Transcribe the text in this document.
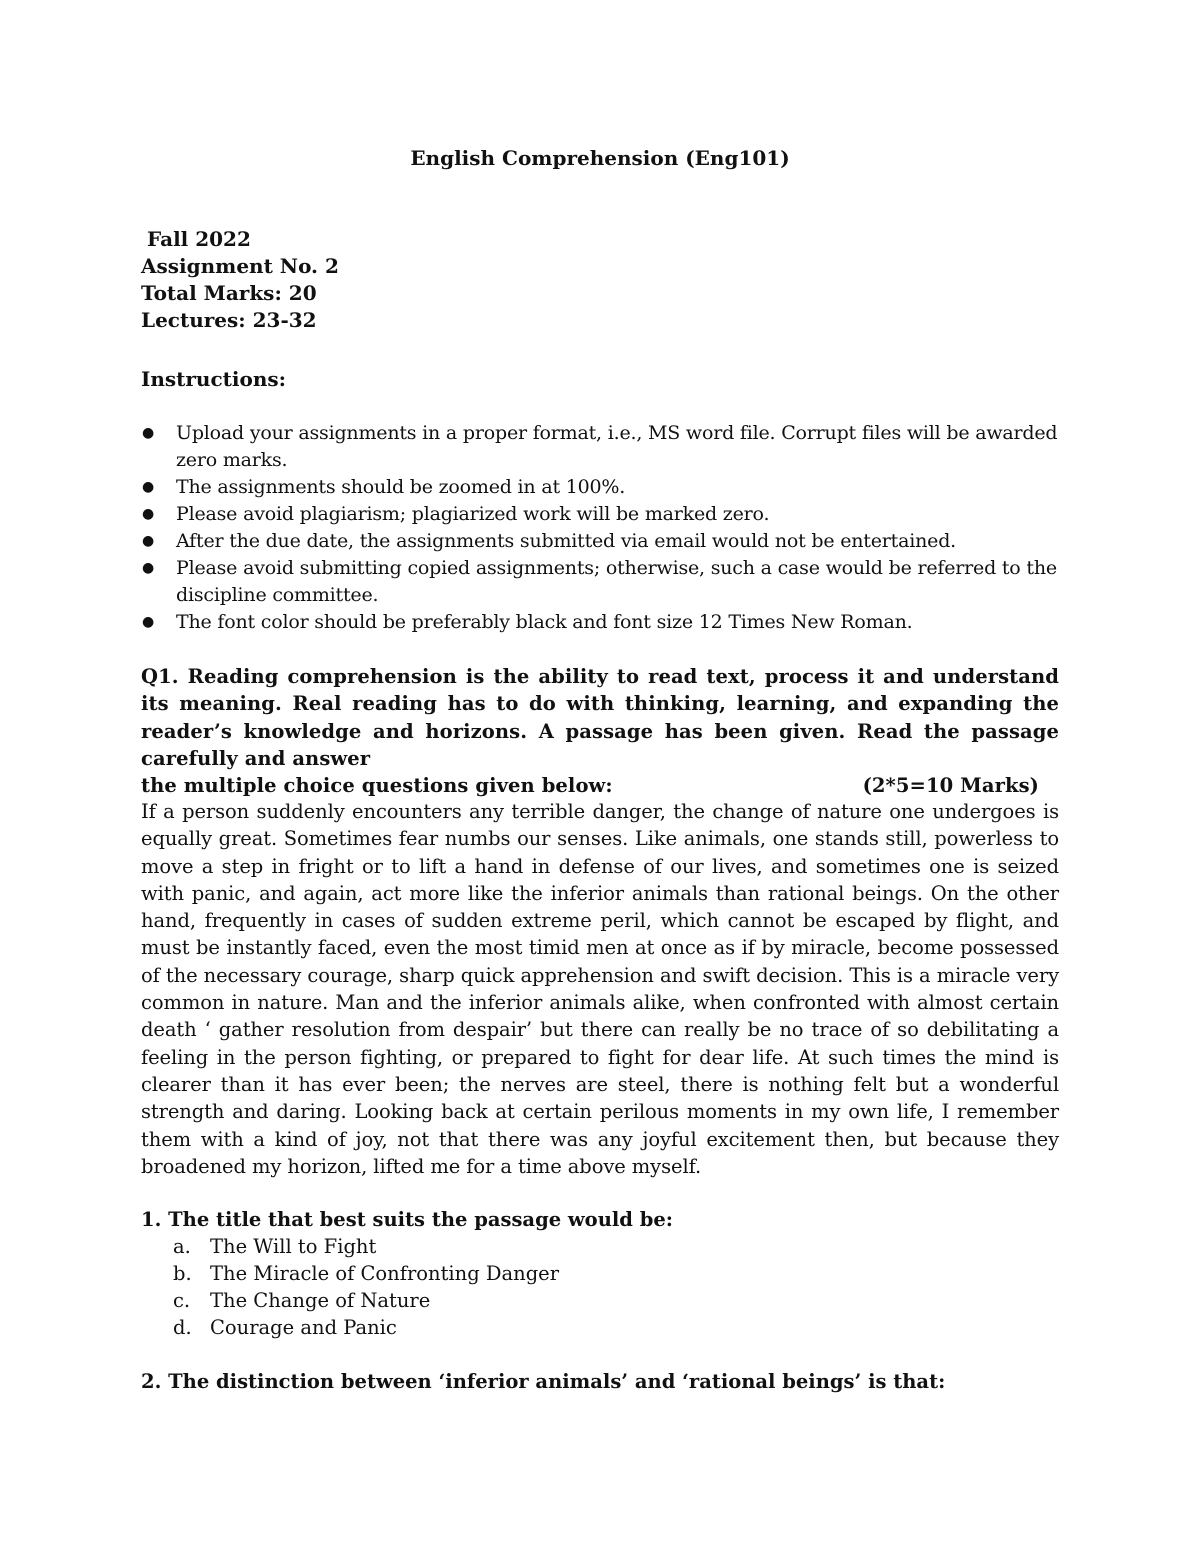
English Comprehension (Eng101)
Fall 2022
Assignment No. 2
Total Marks: 20
Lectures: 23-32
Instructions:
● Upload your assignments in a proper format, i.e., MS word file. Corrupt files will be awarded zero marks.
● The assignments should be zoomed in at 100%.
● Please avoid plagiarism; plagiarized work will be marked zero.
● After the due date, the assignments submitted via email would not be entertained.
● Please avoid submitting copied assignments; otherwise, such a case would be referred to the discipline committee.
● The font color should be preferably black and font size 12 Times New Roman.
Q1. Reading comprehension is the ability to read text, process it and understand its meaning. Real reading has to do with thinking, learning, and expanding the reader’s knowledge and horizons. A passage has been given. Read the passage carefully and answer
the multiple choice questions given below:	(2*5=10 Marks)
If a person suddenly encounters any terrible danger, the change of nature one undergoes is equally great. Sometimes fear numbs our senses. Like animals, one stands still, powerless to move a step in fright or to lift a hand in defense of our lives, and sometimes one is seized with panic, and again, act more like the inferior animals than rational beings. On the other hand, frequently in cases of sudden extreme peril, which cannot be escaped by flight, and must be instantly faced, even the most timid men at once as if by miracle, become possessed of the necessary courage, sharp quick apprehension and swift decision. This is a miracle very common in nature. Man and the inferior animals alike, when confronted with almost certain death ‘ gather resolution from despair’ but there can really be no trace of so debilitating a feeling in the person fighting, or prepared to fight for dear life. At such times the mind is clearer than it has ever been; the nerves are steel, there is nothing felt but a wonderful strength and daring. Looking back at certain perilous moments in my own life, I remember them with a kind of joy, not that there was any joyful excitement then, but because they broadened my horizon, lifted me for a time above myself.
1. The title that best suits the passage would be:
a. The Will to Fight
b. The Miracle of Confronting Danger
c.	The Change of Nature
d. Courage and Panic
2. The distinction between ‘inferior animals’ and ‘rational beings’ is that:
